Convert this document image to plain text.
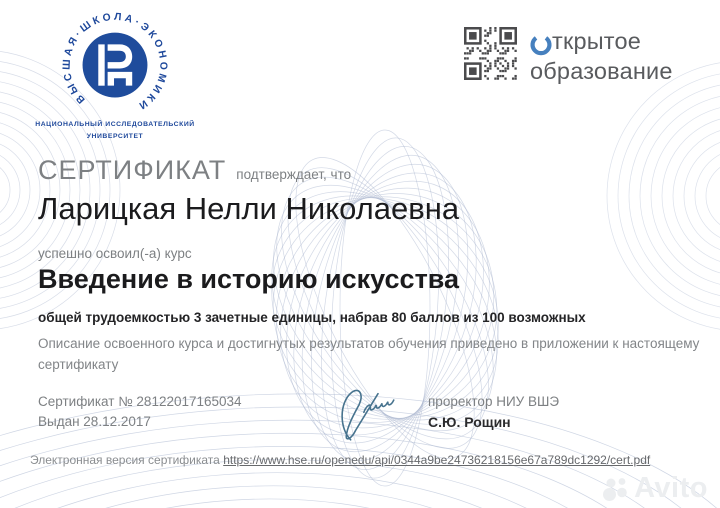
ВЫСШАЯ·ШКОЛА·ЭКОНОМИКИ
НАЦИОНАЛЬНЫЙ ИССЛЕДОВАТЕЛЬСКИЙ
УНИВЕРСИТЕТ
ткрытое
образование
СЕРТИФИКАТ подтверждает, что
Ларицкая Нелли Николаевна
успешно освоил(-а) курс
Введение в историю искусства
общей трудоемкостью 3 зачетные единицы, набрав 80 баллов из 100 возможных
Описание освоенного курса и достигнутых результатов обучения приведено в приложении к настоящему сертификату
Сертификат № 28122017165034
Выдан 28.12.2017
проректор НИУ ВШЭ
С.Ю. Рощин
Электронная версия сертификата https://www.hse.ru/openedu/api/0344a9be24736218156e67a789dc1292/cert.pdf
Avito
